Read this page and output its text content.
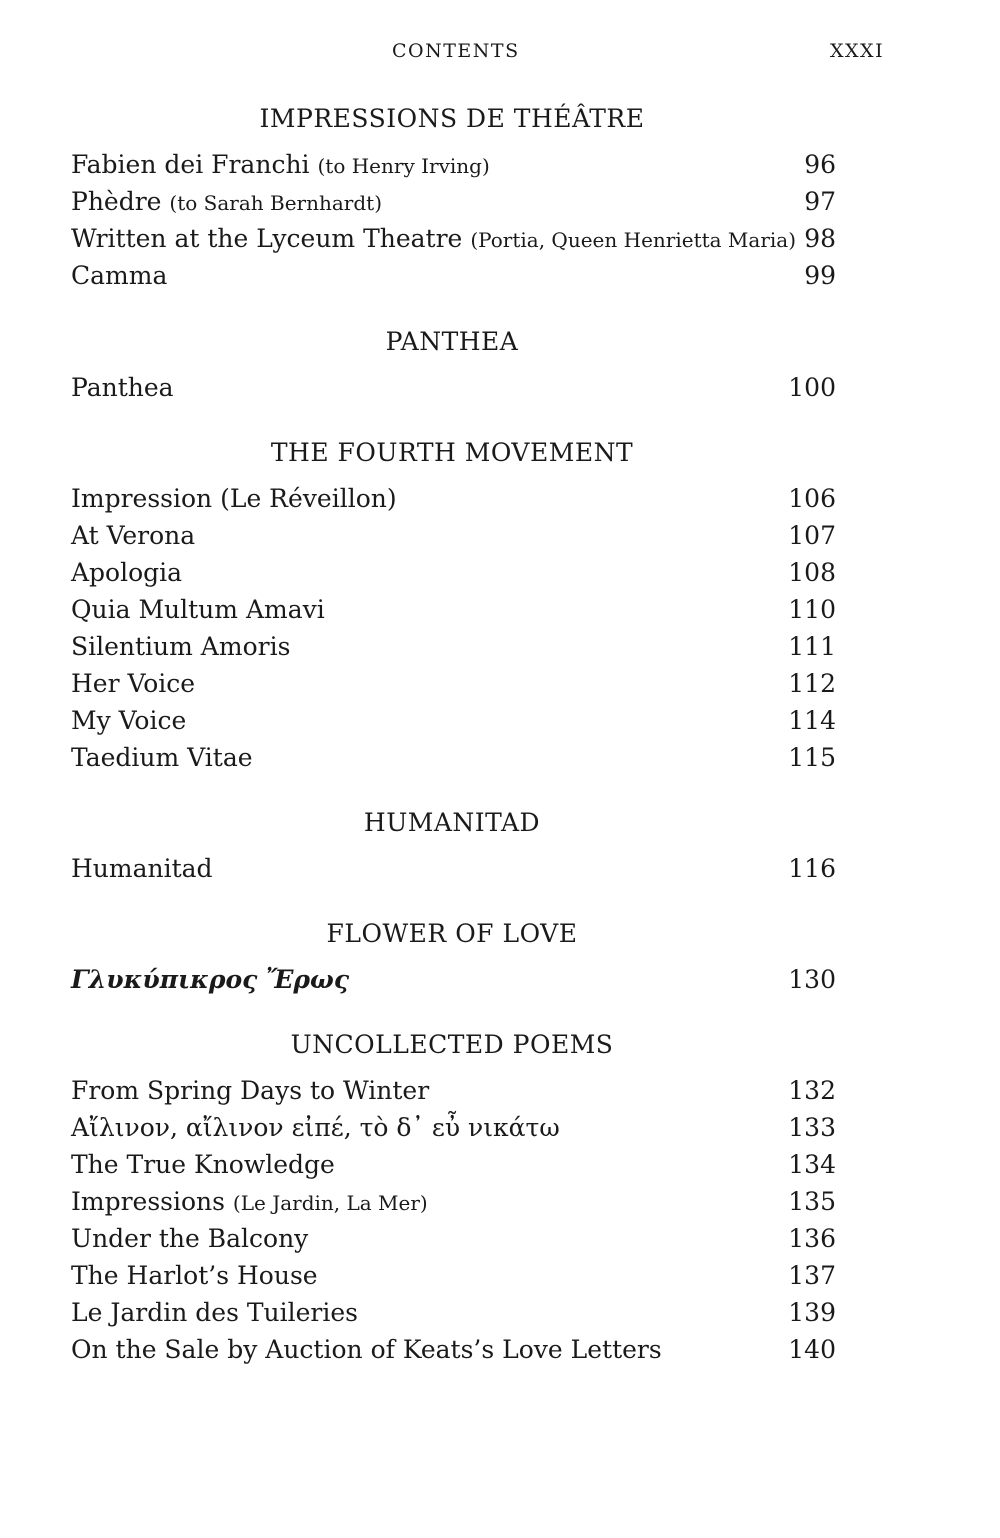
CONTENTS	XXXI
IMPRESSIONS DE THÉÂTRE
Fabien dei Franchi (to Henry Irving)	96
Phèdre (to Sarah Bernhardt)	97
Written at the Lyceum Theatre (Portia, Queen Henrietta Maria) 98
Camma	99
PANTHEA
Panthea	100
THE FOURTH MOVEMENT
Impression (Le Réveillon)	106
At Verona	107
Apologia	108
Quia Multum Amavi	110
Silentium Amoris	111
Her Voice	112
My Voice	114
Taedium Vitae	115
HUMANITAD
Humanitad	116
FLOWER OF LOVE
Γλυκύπικρος Ἔρως	130
UNCOLLECTED POEMS
From Spring Days to Winter	132
Αἴλινον, αἴλινον εἰπέ, τὸ δ᾽ εὖ νικάτω	133
The True Knowledge	134
Impressions (Le Jardin, La Mer)	135
Under the Balcony	136
The Harlot’s House	137
Le Jardin des Tuileries	139
On the Sale by Auction of Keats’s Love Letters	140
